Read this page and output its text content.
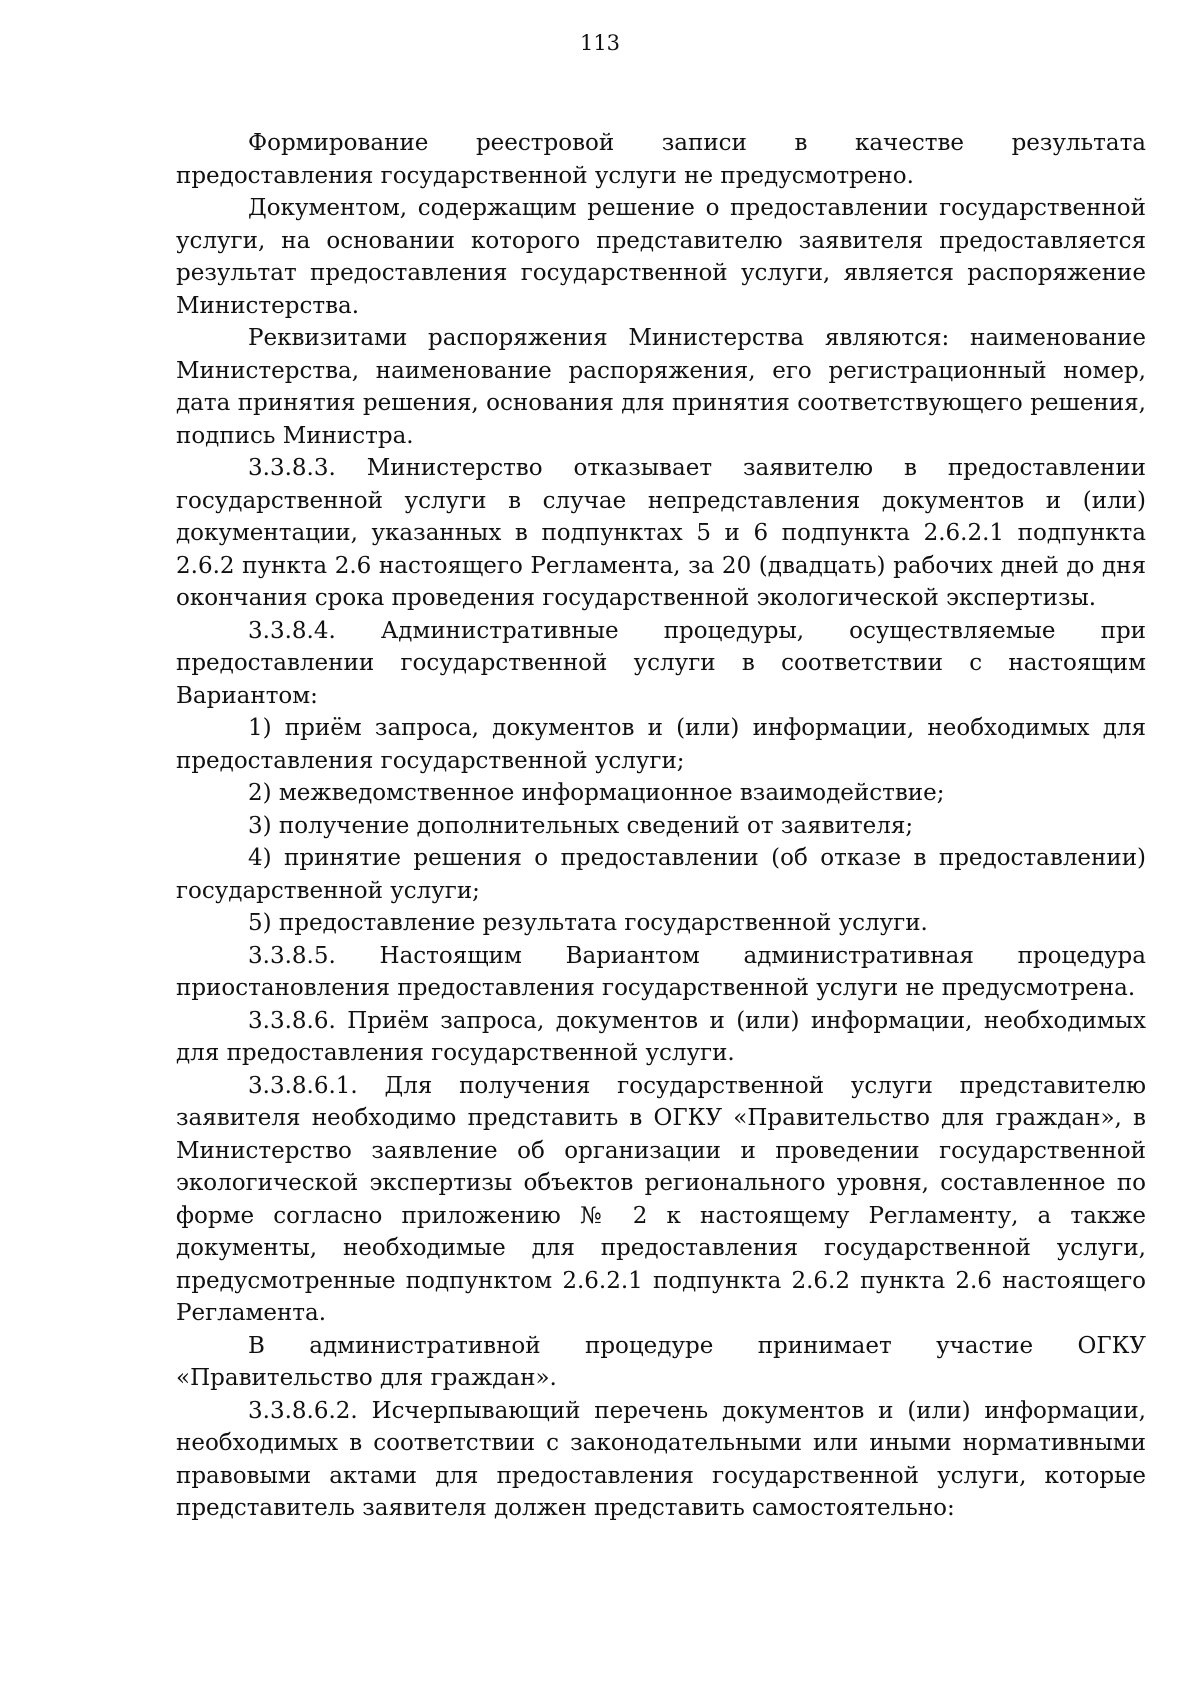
113

Формирование реестровой записи в качестве результата предоставления государственной услуги не предусмотрено.

Документом, содержащим решение о предоставлении государственной услуги, на основании которого представителю заявителя предоставляется результат предоставления государственной услуги, является распоряжение Министерства.

Реквизитами распоряжения Министерства являются: наименование Министерства, наименование распоряжения, его регистрационный номер, дата принятия решения, основания для принятия соответствующего решения, подпись Министра.

3.3.8.3. Министерство отказывает заявителю в предоставлении государственной услуги в случае непредставления документов и (или) документации, указанных в подпунктах 5 и 6 подпункта 2.6.2.1 подпункта 2.6.2 пункта 2.6 настоящего Регламента, за 20 (двадцать) рабочих дней до дня окончания срока проведения государственной экологической экспертизы.

3.3.8.4. Административные процедуры, осуществляемые при предоставлении государственной услуги в соответствии с настоящим Вариантом:

1) приём запроса, документов и (или) информации, необходимых для предоставления государственной услуги;

2) межведомственное информационное взаимодействие;

3) получение дополнительных сведений от заявителя;

4) принятие решения о предоставлении (об отказе в предоставлении) государственной услуги;

5) предоставление результата государственной услуги.

3.3.8.5. Настоящим Вариантом административная процедура приостановления предоставления государственной услуги не предусмотрена.

3.3.8.6. Приём запроса, документов и (или) информации, необходимых для предоставления государственной услуги.

3.3.8.6.1. Для получения государственной услуги представителю заявителя необходимо представить в ОГКУ «Правительство для граждан», в Министерство заявление об организации и проведении государственной экологической экспертизы объектов регионального уровня, составленное по форме согласно приложению № 2 к настоящему Регламенту, а также документы, необходимые для предоставления государственной услуги, предусмотренные подпунктом 2.6.2.1 подпункта 2.6.2 пункта 2.6 настоящего Регламента.

В административной процедуре принимает участие ОГКУ «Правительство для граждан».

3.3.8.6.2. Исчерпывающий перечень документов и (или) информации, необходимых в соответствии с законодательными или иными нормативными правовыми актами для предоставления государственной услуги, которые представитель заявителя должен представить самостоятельно:
